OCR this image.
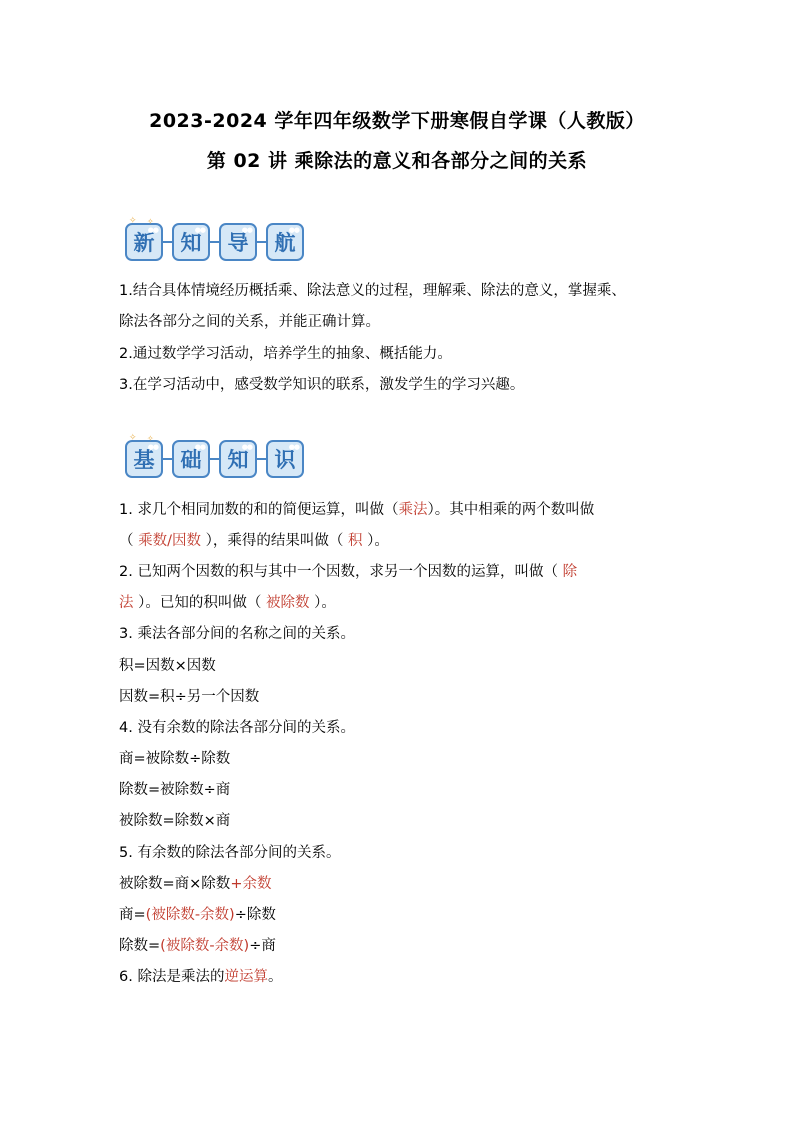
2023-2024 学年四年级数学下册寒假自学课（人教版）
第 02 讲 乘除法的意义和各部分之间的关系
✧ 新
●●
✧
知
●●
导
●●
航
●●
1.结合具体情境经历概括乘、除法意义的过程，理解乘、除法的意义，掌握乘、
除法各部分之间的关系，并能正确计算。
2.通过数学学习活动，培养学生的抽象、概括能力。
3.在学习活动中，感受数学知识的联系，激发学生的学习兴趣。
✧ 基
●●
✧
础
●●
知
●●
识
●●
1. 求几个相同加数的和的简便运算，叫做（乘法）。其中相乘的两个数叫做
（ 乘数/因数 ），乘得的结果叫做（ 积 ）。
2. 已知两个因数的积与其中一个因数，求另一个因数的运算，叫做（ 除
法 ）。已知的积叫做（ 被除数 ）。
3. 乘法各部分间的名称之间的关系。
积=因数×因数
因数=积÷另一个因数
4. 没有余数的除法各部分间的关系。
商=被除数÷除数
除数=被除数÷商
被除数=除数×商
5. 有余数的除法各部分间的关系。
被除数=商×除数+余数
商=(被除数-余数)÷除数
除数=(被除数-余数)÷商
6. 除法是乘法的逆运算。
